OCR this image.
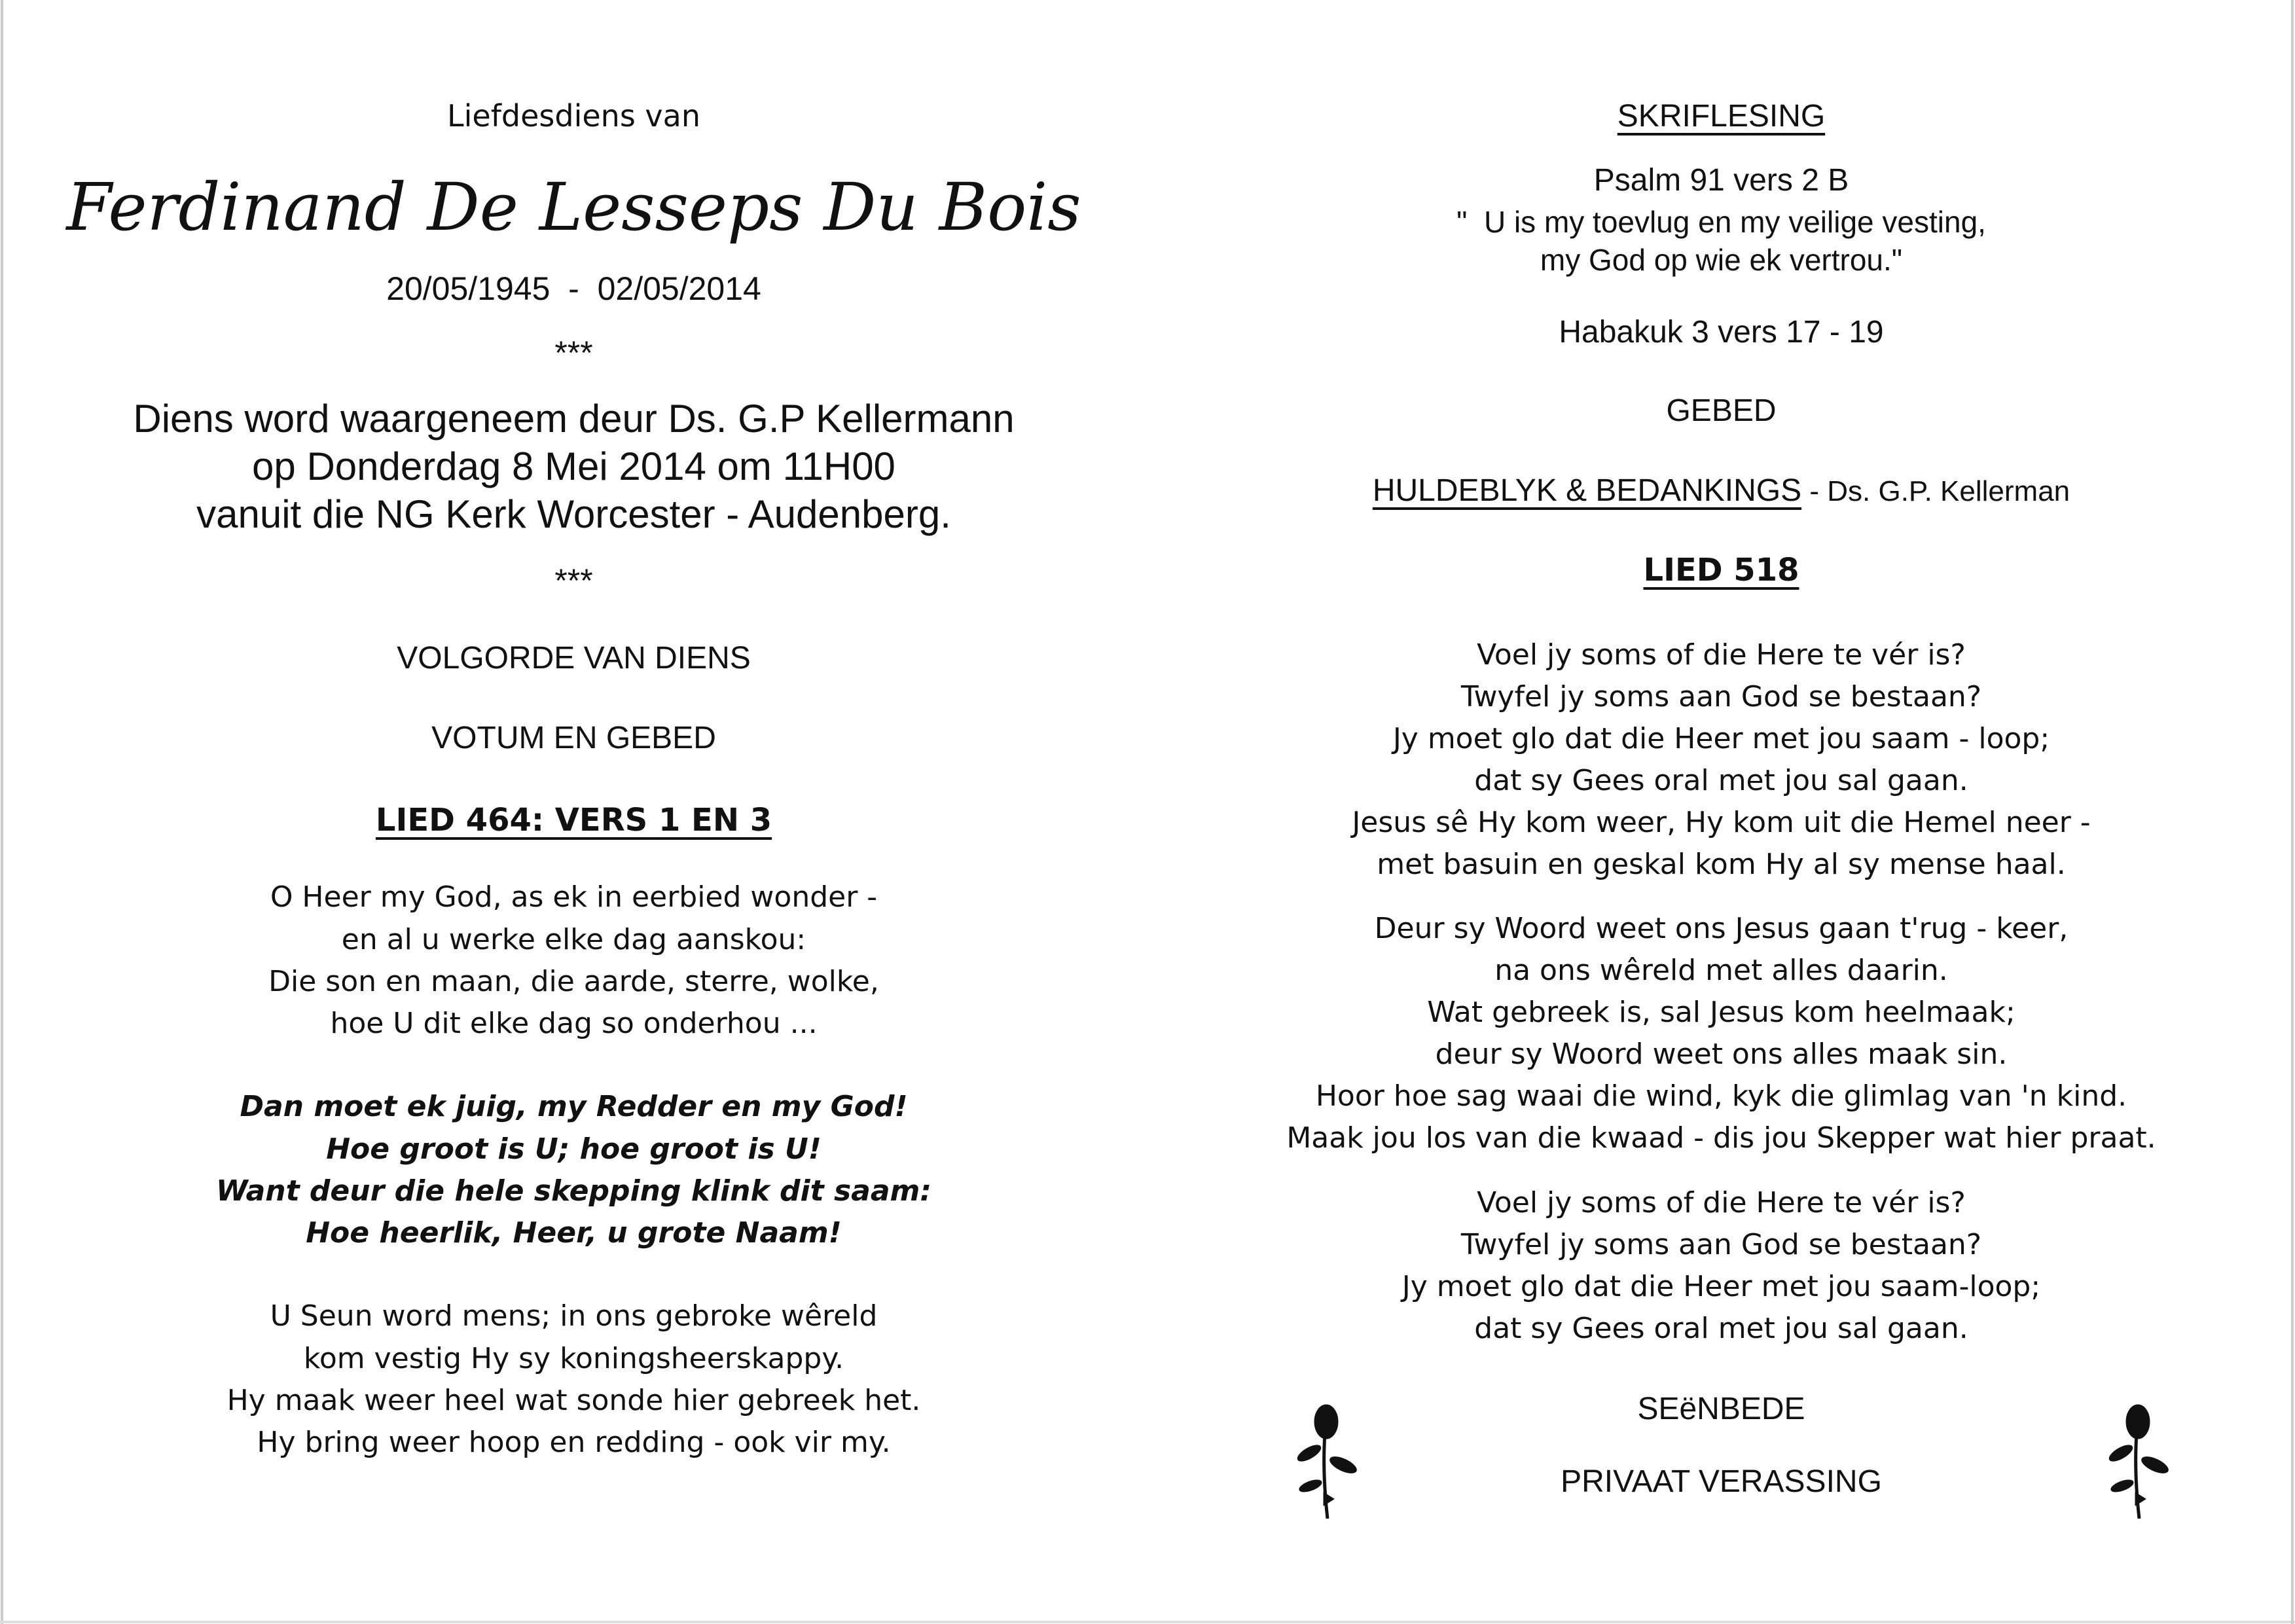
Liefdesdiens van
Ferdinand De Lesseps Du Bois
20/05/1945  -  02/05/2014
***
Diens word waargeneem deur Ds. G.P Kellermann
op Donderdag 8 Mei 2014 om 11H00
vanuit die NG Kerk Worcester - Audenberg.
***
VOLGORDE VAN DIENS
VOTUM EN GEBED
LIED 464: VERS 1 EN 3
O Heer my God, as ek in eerbied wonder -
en al u werke elke dag aanskou:
Die son en maan, die aarde, sterre, wolke,
hoe U dit elke dag so onderhou ...
Dan moet ek juig, my Redder en my God!
Hoe groot is U; hoe groot is U!
Want deur die hele skepping klink dit saam:
Hoe heerlik, Heer, u grote Naam!
U Seun word mens; in ons gebroke wêreld
kom vestig Hy sy koningsheerskappy.
Hy maak weer heel wat sonde hier gebreek het.
Hy bring weer hoop en redding - ook vir my.
SKRIFLESING
Psalm 91 vers 2 B
"  U is my toevlug en my veilige vesting,
my God op wie ek vertrou."
Habakuk 3 vers 17 - 19
GEBED
HULDEBLYK & BEDANKINGS - Ds. G.P. Kellerman
LIED 518
Voel jy soms of die Here te vér is?
Twyfel jy soms aan God se bestaan?
Jy moet glo dat die Heer met jou saam - loop;
dat sy Gees oral met jou sal gaan.
Jesus sê Hy kom weer, Hy kom uit die Hemel neer -
met basuin en geskal kom Hy al sy mense haal.
Deur sy Woord weet ons Jesus gaan t'rug - keer,
na ons wêreld met alles daarin.
Wat gebreek is, sal Jesus kom heelmaak;
deur sy Woord weet ons alles maak sin.
Hoor hoe sag waai die wind, kyk die glimlag van 'n kind.
Maak jou los van die kwaad - dis jou Skepper wat hier praat.
Voel jy soms of die Here te vér is?
Twyfel jy soms aan God se bestaan?
Jy moet glo dat die Heer met jou saam-loop;
dat sy Gees oral met jou sal gaan.
SEëNBEDE
PRIVAAT VERASSING
